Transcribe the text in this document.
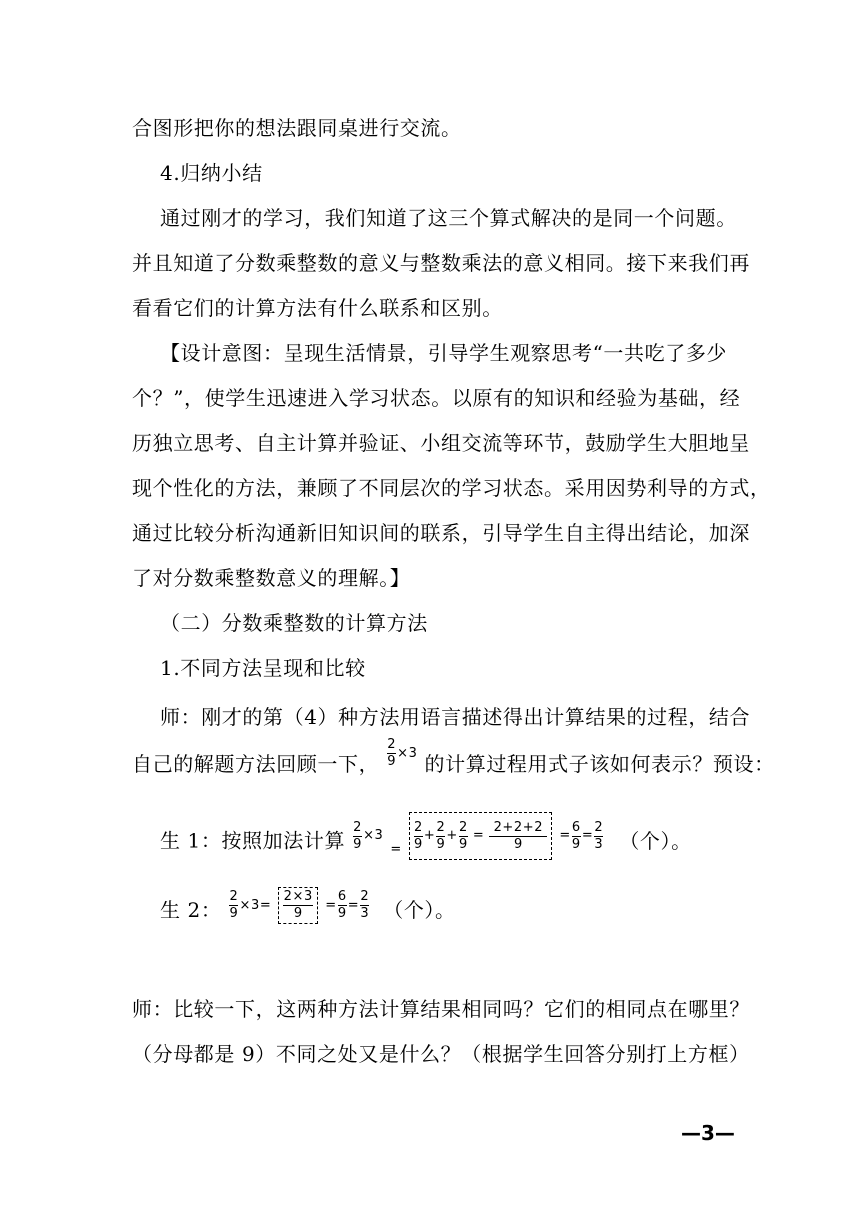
合图形把你的想法跟同桌进行交流。
4.归纳小结
通过刚才的学习，我们知道了这三个算式解决的是同一个问题。
并且知道了分数乘整数的意义与整数乘法的意义相同。接下来我们再
看看它们的计算方法有什么联系和区别。
【设计意图：呈现生活情景，引导学生观察思考“一共吃了多少
个？”，使学生迅速进入学习状态。以原有的知识和经验为基础，经
历独立思考、自主计算并验证、小组交流等环节，鼓励学生大胆地呈
现个性化的方法，兼顾了不同层次的学习状态。采用因势利导的方式，
通过比较分析沟通新旧知识间的联系，引导学生自主得出结论，加深
了对分数乘整数意义的理解。】
（二）分数乘整数的计算方法
1.不同方法呈现和比较
师：刚才的第（4）种方法用语言描述得出计算结果的过程，结合
自己的解题方法回顾一下， $\frac{2}{9} \times 3$ 的计算过程用式子该如何表示？预设：
生 1：按照加法计算 $\frac{2}{9} \times 3$
$_= \frac{2}{9} + \frac{2}{9} + \frac{2}{9} = \frac{2+2+2}{9}$
= $\frac{6}{9} = \frac{2}{3}$ （个）。
生 2： $\frac{2}{9} \times 3$ =
$\frac{2\times 3}{9}$
= $\frac{6}{9} = \frac{2}{3}$ （个）。
师：比较一下，这两种方法计算结果相同吗？它们的相同点在哪里？
（分母都是 9）不同之处又是什么？（根据学生回答分别打上方框）
—3—
